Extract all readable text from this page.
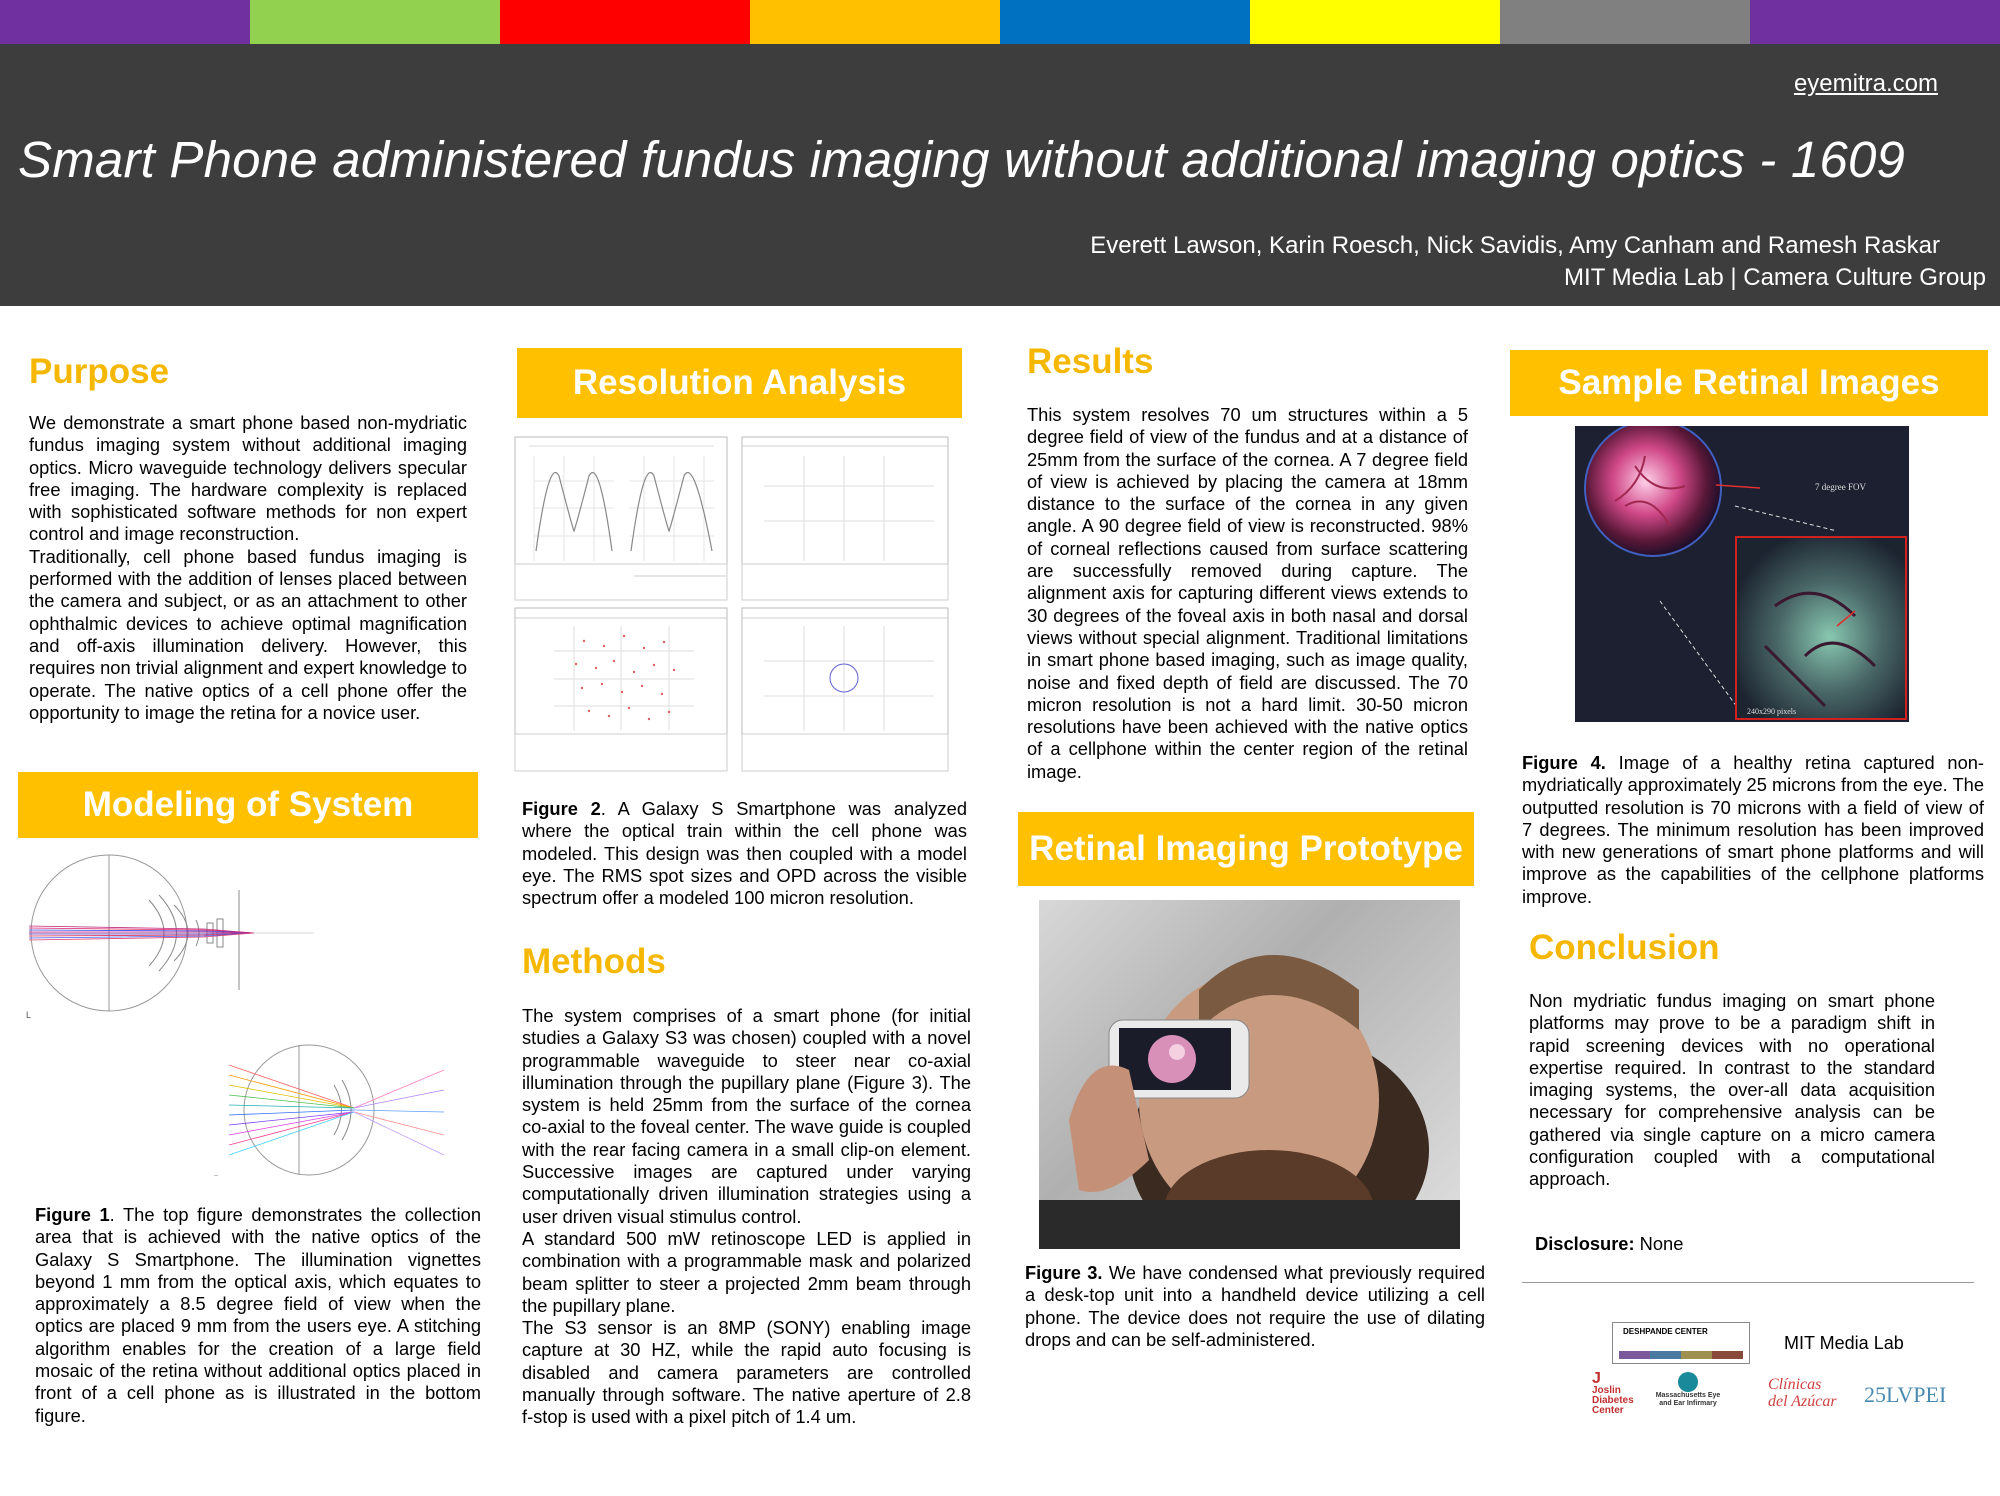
eyemitra.com
Smart Phone administered fundus imaging without additional imaging optics - 1609
Everett Lawson, Karin Roesch, Nick Savidis, Amy Canham and Ramesh Raskar
MIT Media Lab | Camera Culture Group
Purpose

We demonstrate a smart phone based non-mydriatic fundus imaging system without additional imaging optics. Micro waveguide technology delivers specular free imaging. The hardware complexity is replaced with sophisticated software methods for non expert control and image reconstruction.

Traditionally, cell phone based fundus imaging is performed with the addition of lenses placed between the camera and subject, or as an attachment to other ophthalmic devices to achieve optimal magnification and off-axis illumination delivery. However, this requires non trivial alignment and expert knowledge to operate. The native optics of a cell phone offer the opportunity to image the retina for a novice user.

Modeling of System
L
~

Figure 1. The top figure demonstrates the collection area that is achieved with the native optics of the Galaxy S Smartphone. The illumination vignettes beyond 1 mm from the optical axis, which equates to approximately a 8.5 degree field of view when the optics are placed 9 mm from the users eye. A stitching algorithm enables for the creation of a large field mosaic of the retina without additional optics placed in front of a cell phone as is illustrated in the bottom figure.

Resolution Analysis

Figure 2. A Galaxy S Smartphone was analyzed where the optical train within the cell phone was modeled. This design was then coupled with a model eye. The RMS spot sizes and OPD across the visible spectrum offer a modeled 100 micron resolution.

Methods

The system comprises of a smart phone (for initial studies a Galaxy S3 was chosen) coupled with a novel programmable waveguide to steer near co-axial illumination through the pupillary plane (Figure 3). The system is held 25mm from the surface of the cornea co-axial to the foveal center. The wave guide is coupled with the rear facing camera in a small clip-on element. Successive images are captured under varying computationally driven illumination strategies using a user driven visual stimulus control.

A standard 500 mW retinoscope LED is applied in combination with a programmable mask and polarized beam splitter to steer a projected 2mm beam through the pupillary plane.

The S3 sensor is an 8MP (SONY) enabling image capture at 30 HZ, while the rapid auto focusing is disabled and camera parameters are controlled manually through software. The native aperture of 2.8 f-stop is used with a pixel pitch of 1.4 um.

Results

This system resolves 70 um structures within a 5 degree field of view of the fundus and at a distance of 25mm from the surface of the cornea. A 7 degree field of view is achieved by placing the camera at 18mm distance to the surface of the cornea in any given angle. A 90 degree field of view is reconstructed. 98% of corneal reflections caused from surface scattering are successfully removed during capture. The alignment axis for capturing different views extends to 30 degrees of the foveal axis in both nasal and dorsal views without special alignment. Traditional limitations in smart phone based imaging, such as image quality, noise and fixed depth of field are discussed. The 70 micron resolution is not a hard limit. 30-50 micron resolutions have been achieved with the native optics of a cellphone within the center region of the retinal image.

Retinal Imaging Prototype

Figure 3. We have condensed what previously required a desk-top unit into a handheld device utilizing a cell phone. The device does not require the use of dilating drops and can be self-administered.

Sample Retinal Images
7 degree FOV
240x290 pixels

Figure 4. Image of a healthy retina captured non-mydriatically approximately 25 microns from the eye. The outputted resolution is 70 microns with a field of view of 7 degrees. The minimum resolution has been improved with new generations of smart phone platforms and will improve as the capabilities of the cellphone platforms improve.

Conclusion

Non mydriatic fundus imaging on smart phone platforms may prove to be a paradigm shift in rapid screening devices with no operational expertise required. In contrast to the standard imaging systems, the over-all data acquisition necessary for comprehensive analysis can be gathered via single capture on a micro camera configuration coupled with a computational approach.

Disclosure: None
DESHPANDE CENTER
MIT Media Lab
J
Joslin Diabetes Center
Massachusetts Eye and Ear Infirmary
Clínicas del Azúcar 25LVPEI
